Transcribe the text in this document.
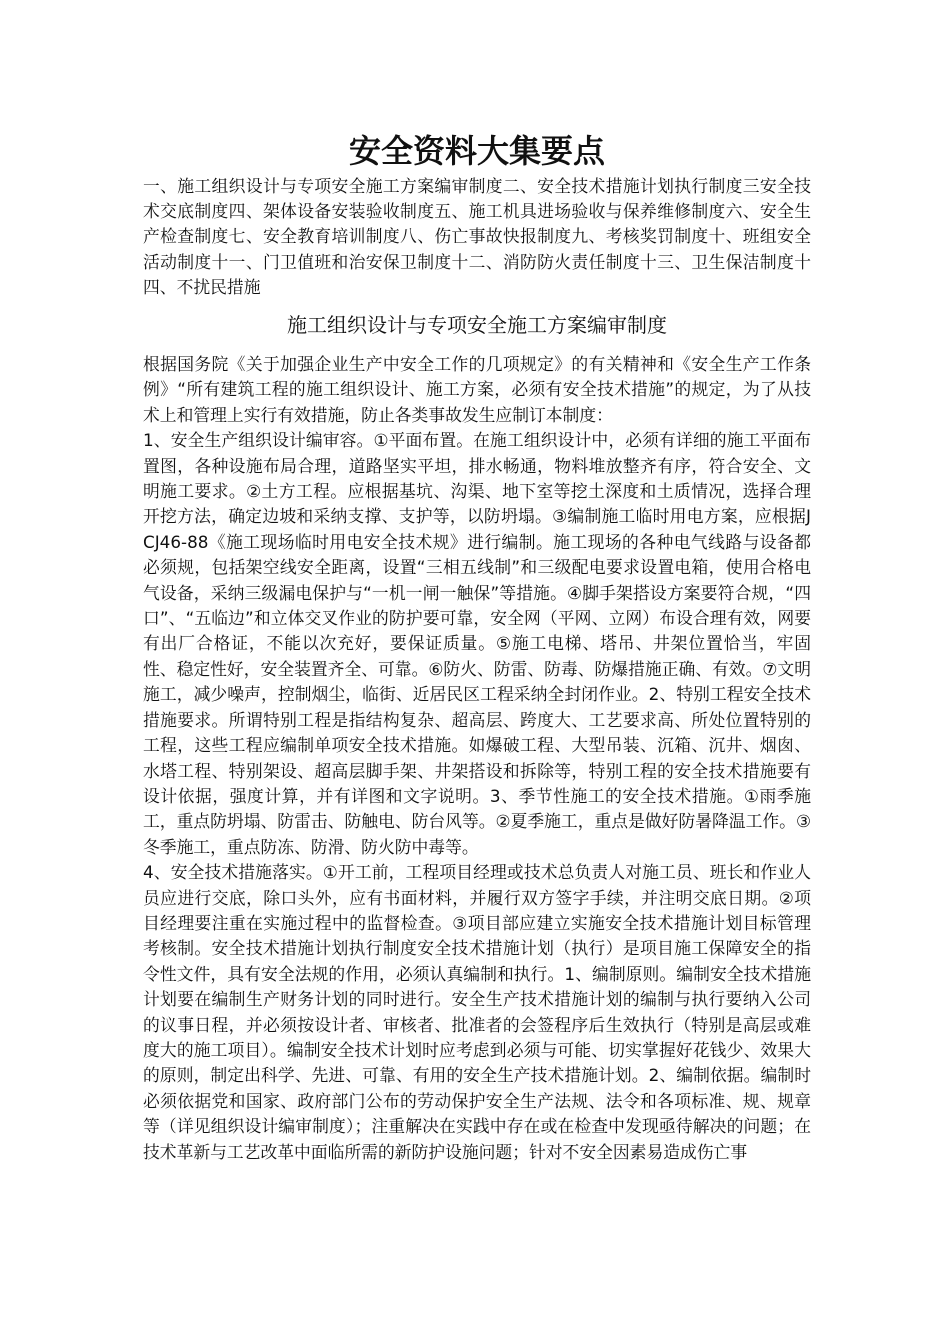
安全资料大集要点

一、施工组织设计与专项安全施工方案编审制度二、安全技术措施计划执行制度三安全技术交底制度四、架体设备安装验收制度五、施工机具进场验收与保养维修制度六、安全生产检查制度七、安全教育培训制度八、伤亡事故快报制度九、考核奖罚制度十、班组安全活动制度十一、门卫值班和治安保卫制度十二、消防防火责任制度十三、卫生保洁制度十四、不扰民措施

施工组织设计与专项安全施工方案编审制度

根据国务院《关于加强企业生产中安全工作的几项规定》的有关精神和《安全生产工作条例》“所有建筑工程的施工组织设计、施工方案，必须有安全技术措施”的规定，为了从技术上和管理上实行有效措施，防止各类事故发生应制订本制度：

1、安全生产组织设计编审容。①平面布置。在施工组织设计中，必须有详细的施工平面布置图，各种设施布局合理，道路坚实平坦，排水畅通，物料堆放整齐有序，符合安全、文明施工要求。②土方工程。应根据基坑、沟渠、地下室等挖土深度和土质情况，选择合理开挖方法，确定边坡和采纳支撑、支护等，以防坍塌。③编制施工临时用电方案，应根据JCJ46-88《施工现场临时用电安全技术规》进行编制。施工现场的各种电气线路与设备都必须规，包括架空线安全距离，设置“三相五线制”和三级配电要求设置电箱，使用合格电气设备，采纳三级漏电保护与“一机一闸一触保”等措施。④脚手架搭设方案要符合规，“四口”、“五临边”和立体交叉作业的防护要可靠，安全网（平网、立网）布设合理有效，网要有出厂合格证，不能以次充好，要保证质量。⑤施工电梯、塔吊、井架位置恰当，牢固性、稳定性好，安全装置齐全、可靠。⑥防火、防雷、防毒、防爆措施正确、有效。⑦文明施工，减少噪声，控制烟尘，临街、近居民区工程采纳全封闭作业。2、特别工程安全技术措施要求。所谓特别工程是指结构复杂、超高层、跨度大、工艺要求高、所处位置特别的工程，这些工程应编制单项安全技术措施。如爆破工程、大型吊装、沉箱、沉井、烟囱、水塔工程、特别架设、超高层脚手架、井架搭设和拆除等，特别工程的安全技术措施要有设计依据，强度计算，并有详图和文字说明。3、季节性施工的安全技术措施。①雨季施工，重点防坍塌、防雷击、防触电、防台风等。②夏季施工，重点是做好防暑降温工作。③冬季施工，重点防冻、防滑、防火防中毒等。

4、安全技术措施落实。①开工前，工程项目经理或技术总负责人对施工员、班长和作业人员应进行交底，除口头外，应有书面材料，并履行双方签字手续，并注明交底日期。②项目经理要注重在实施过程中的监督检查。③项目部应建立实施安全技术措施计划目标管理考核制。安全技术措施计划执行制度安全技术措施计划（执行）是项目施工保障安全的指令性文件，具有安全法规的作用，必须认真编制和执行。1、编制原则。编制安全技术措施计划要在编制生产财务计划的同时进行。安全生产技术措施计划的编制与执行要纳入公司的议事日程，并必须按设计者、审核者、批准者的会签程序后生效执行（特别是高层或难度大的施工项目）。编制安全技术计划时应考虑到必须与可能、切实掌握好花钱少、效果大的原则，制定出科学、先进、可靠、有用的安全生产技术措施计划。2、编制依据。编制时必须依据党和国家、政府部门公布的劳动保护安全生产法规、法令和各项标准、规、规章等（详见组织设计编审制度）；注重解决在实践中存在或在检查中发现亟待解决的问题；在技术革新与工艺改革中面临所需的新防护设施问题；针对不安全因素易造成伤亡事
